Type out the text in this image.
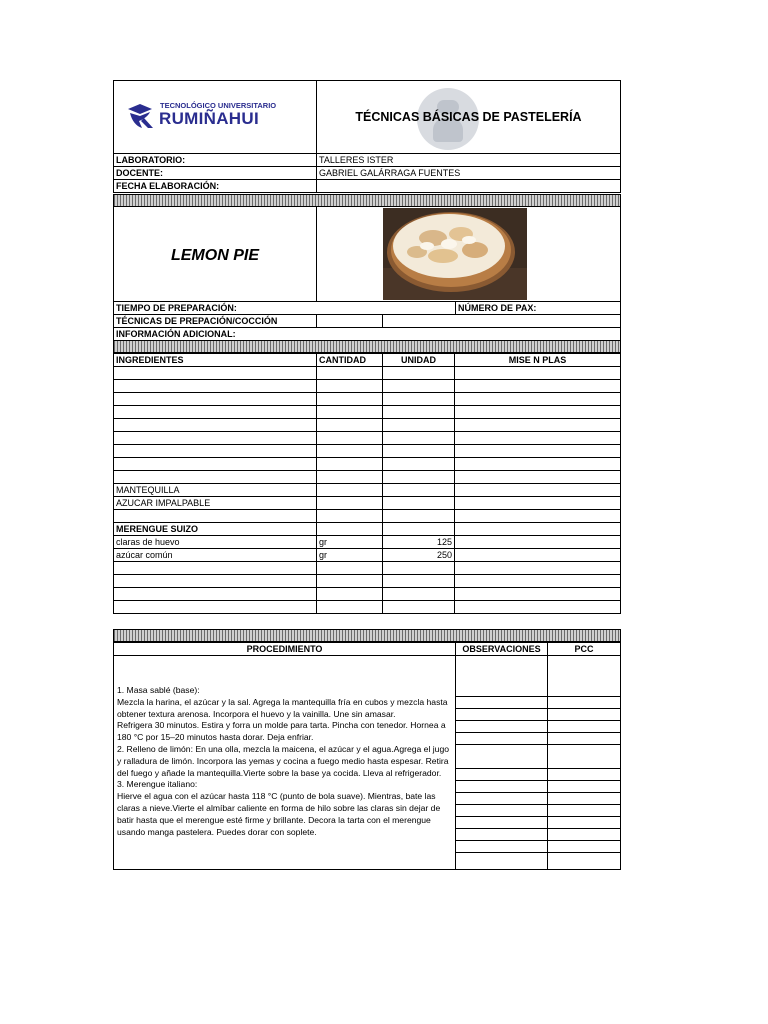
TECNOLÓGICO UNIVERSITARIO
RUMIÑAHUI	TÉCNICAS BÁSICAS DE PASTELERÍA
LABORATORIO:	TALLERES ISTER
DOCENTE:	GABRIEL GALÁRRAGA FUENTES
FECHA ELABORACIÓN:
LEMON PIE
TIEMPO DE PREPARACIÓN:	NÚMERO DE PAX:
TÉCNICAS DE PREPACIÓN/COCCIÓN
INFORMACIÓN ADICIONAL:
INGREDIENTES	CANTIDAD	UNIDAD	MISE N PLAS
MANTEQUILLA
AZUCAR IMPALPABLE
MERENGUE SUIZO
claras de huevo	gr	125
azúcar común	gr	250
PROCEDIMIENTO	OBSERVACIONES	PCC
1. Masa sablé (base):
Mezcla la harina, el azúcar y la sal. Agrega la mantequilla fría en cubos y mezcla hasta obtener textura arenosa. Incorpora el huevo y la vainilla. Une sin amasar.
Refrigera 30 minutos. Estira y forra un molde para tarta. Pincha con tenedor. Hornea a 180 °C por 15–20 minutos hasta dorar. Deja enfriar.
2. Relleno de limón: En una olla, mezcla la maicena, el azúcar y el agua.Agrega el jugo y ralladura de limón. Incorpora las yemas y cocina a fuego medio hasta espesar. Retira del fuego y añade la mantequilla.Vierte sobre la base ya cocida. Lleva al refrigerador.
3. Merengue italiano:
Hierve el agua con el azúcar hasta 118 °C (punto de bola suave). Mientras, bate las claras a nieve.Vierte el almíbar caliente en forma de hilo sobre las claras sin dejar de batir hasta que el merengue esté firme y brillante. Decora la tarta con el merengue usando manga pastelera. Puedes dorar con soplete.
